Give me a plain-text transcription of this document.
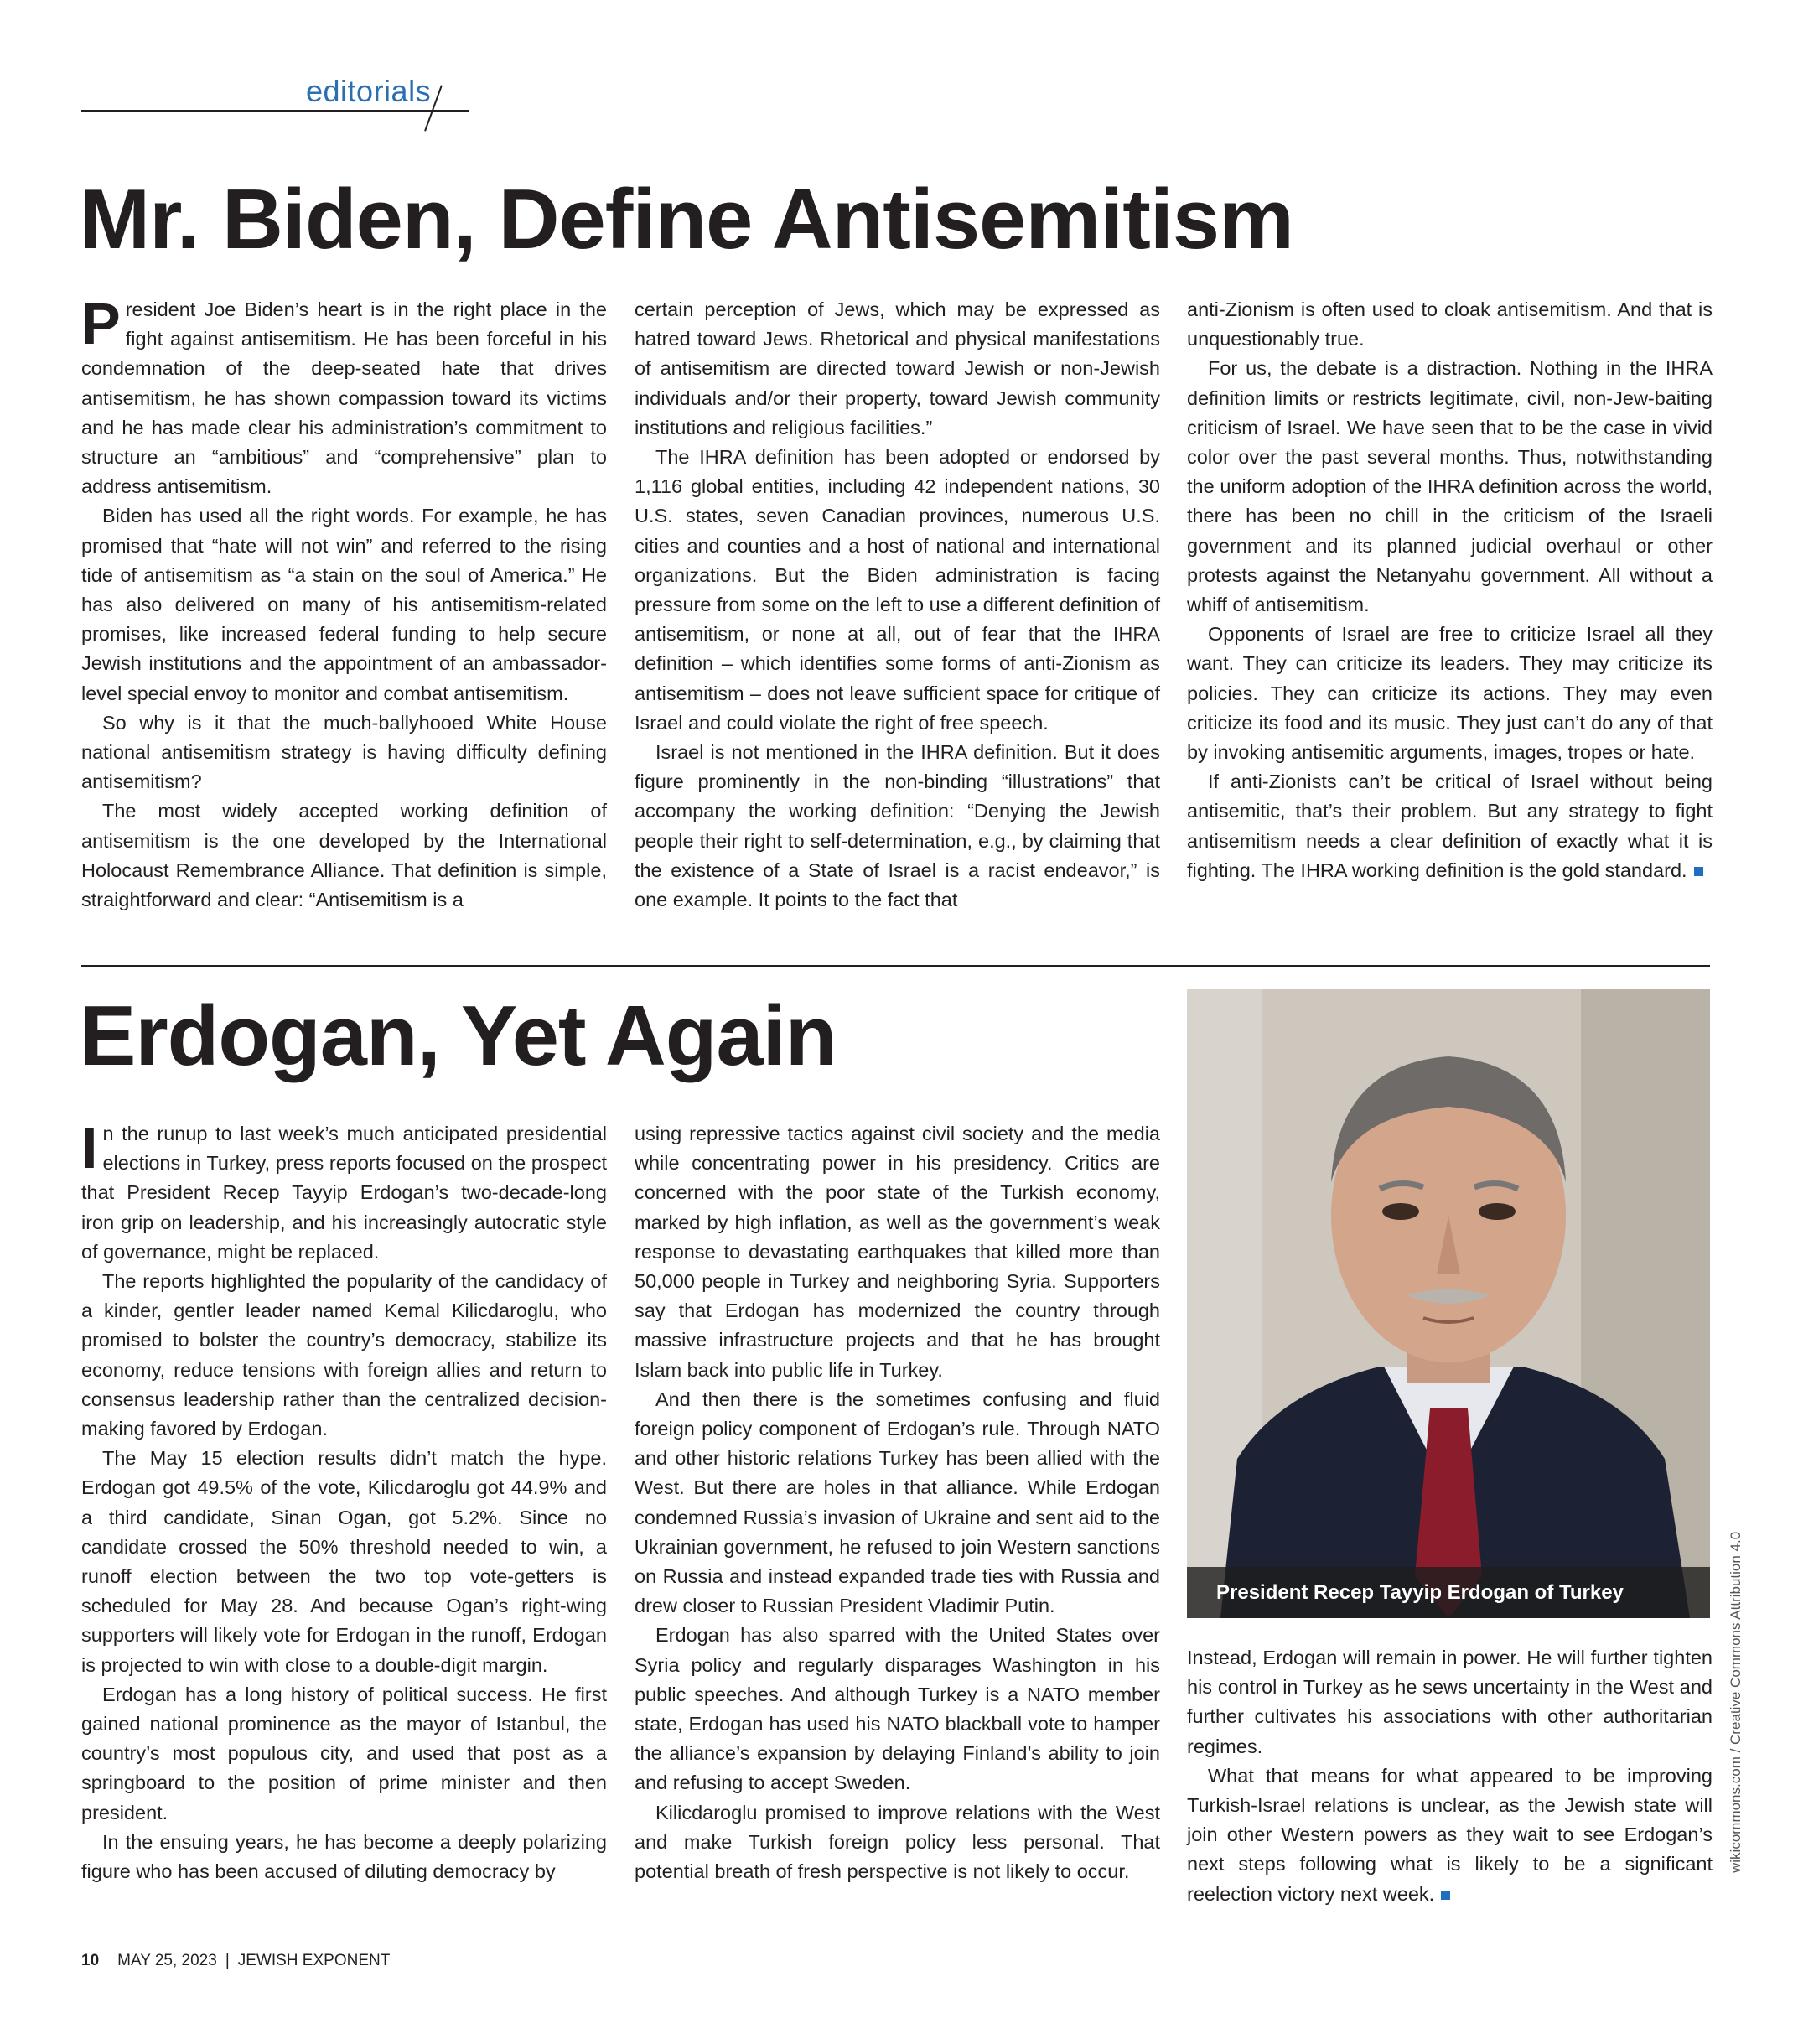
editorials
Mr. Biden, Define Antisemitism

President Joe Biden’s heart is in the right place in the fight against antisemitism. He has been forceful in his condemnation of the deep-seated hate that drives antisemitism, he has shown compassion toward its victims and he has made clear his administration’s commitment to structure an “ambitious” and “comprehensive” plan to address antisemitism.

Biden has used all the right words. For example, he has promised that “hate will not win” and referred to the rising tide of antisemitism as “a stain on the soul of America.” He has also delivered on many of his antisemitism-related promises, like increased federal funding to help secure Jewish institutions and the appointment of an ambassador-level special envoy to monitor and combat antisemitism.

So why is it that the much-ballyhooed White House national antisemitism strategy is having difficulty defining antisemitism?

The most widely accepted working definition of antisemitism is the one developed by the International Holocaust Remembrance Alliance. That definition is simple, straightforward and clear: “Antisemitism is a

certain perception of Jews, which may be expressed as hatred toward Jews. Rhetorical and physical manifestations of antisemitism are directed toward Jewish or non-Jewish individuals and/or their property, toward Jewish community institutions and religious facilities.”

The IHRA definition has been adopted or endorsed by 1,116 global entities, including 42 independent nations, 30 U.S. states, seven Canadian provinces, numerous U.S. cities and counties and a host of national and international organizations. But the Biden administration is facing pressure from some on the left to use a different definition of antisemitism, or none at all, out of fear that the IHRA definition – which identifies some forms of anti-Zionism as antisemitism – does not leave sufficient space for critique of Israel and could violate the right of free speech.

Israel is not mentioned in the IHRA definition. But it does figure prominently in the non-binding “illustrations” that accompany the working definition: “Denying the Jewish people their right to self-determination, e.g., by claiming that the existence of a State of Israel is a racist endeavor,” is one example. It points to the fact that

anti-Zionism is often used to cloak antisemitism. And that is unquestionably true.

For us, the debate is a distraction. Nothing in the IHRA definition limits or restricts legitimate, civil, non-Jew-baiting criticism of Israel. We have seen that to be the case in vivid color over the past several months. Thus, notwithstanding the uniform adoption of the IHRA definition across the world, there has been no chill in the criticism of the Israeli government and its planned judicial overhaul or other protests against the Netanyahu government. All without a whiff of antisemitism.

Opponents of Israel are free to criticize Israel all they want. They can criticize its leaders. They may criticize its policies. They can criticize its actions. They may even criticize its food and its music. They just can’t do any of that by invoking antisemitic arguments, images, tropes or hate.

If anti-Zionists can’t be critical of Israel without being antisemitic, that’s their problem. But any strategy to fight antisemitism needs a clear definition of exactly what it is fighting. The IHRA working definition is the gold standard.

Erdogan, Yet Again

In the runup to last week’s much anticipated presidential elections in Turkey, press reports focused on the prospect that President Recep Tayyip Erdogan’s two-decade-long iron grip on leadership, and his increasingly autocratic style of governance, might be replaced.

The reports highlighted the popularity of the candidacy of a kinder, gentler leader named Kemal Kilicdaroglu, who promised to bolster the country’s democracy, stabilize its economy, reduce tensions with foreign allies and return to consensus leadership rather than the centralized decision-making favored by Erdogan.

The May 15 election results didn’t match the hype. Erdogan got 49.5% of the vote, Kilicdaroglu got 44.9% and a third candidate, Sinan Ogan, got 5.2%. Since no candidate crossed the 50% threshold needed to win, a runoff election between the two top vote-getters is scheduled for May 28. And because Ogan’s right-wing supporters will likely vote for Erdogan in the runoff, Erdogan is projected to win with close to a double-digit margin.

Erdogan has a long history of political success. He first gained national prominence as the mayor of Istanbul, the country’s most populous city, and used that post as a springboard to the position of prime minister and then president.

In the ensuing years, he has become a deeply polarizing figure who has been accused of diluting democracy by

using repressive tactics against civil society and the media while concentrating power in his presidency. Critics are concerned with the poor state of the Turkish economy, marked by high inflation, as well as the government’s weak response to devastating earthquakes that killed more than 50,000 people in Turkey and neighboring Syria. Supporters say that Erdogan has modernized the country through massive infrastructure projects and that he has brought Islam back into public life in Turkey.

And then there is the sometimes confusing and fluid foreign policy component of Erdogan’s rule. Through NATO and other historic relations Turkey has been allied with the West. But there are holes in that alliance. While Erdogan condemned Russia’s invasion of Ukraine and sent aid to the Ukrainian government, he refused to join Western sanctions on Russia and instead expanded trade ties with Russia and drew closer to Russian President Vladimir Putin.

Erdogan has also sparred with the United States over Syria policy and regularly disparages Washington in his public speeches. And although Turkey is a NATO member state, Erdogan has used his NATO blackball vote to hamper the alliance’s expansion by delaying Finland’s ability to join and refusing to accept Sweden.

Kilicdaroglu promised to improve relations with the West and make Turkish foreign policy less personal. That potential breath of fresh perspective is not likely to occur.

President Recep Tayyip Erdogan of Turkey	wikicommons.com / Creative Commons Attribution 4.0

Instead, Erdogan will remain in power. He will further tighten his control in Turkey as he sews uncertainty in the West and further cultivates his associations with other authoritarian regimes.

What that means for what appeared to be improving Turkish-Israel relations is unclear, as the Jewish state will join other Western powers as they wait to see Erdogan’s next steps following what is likely to be a significant reelection victory next week.

10 MAY 25, 2023 | JEWISH EXPONENT
